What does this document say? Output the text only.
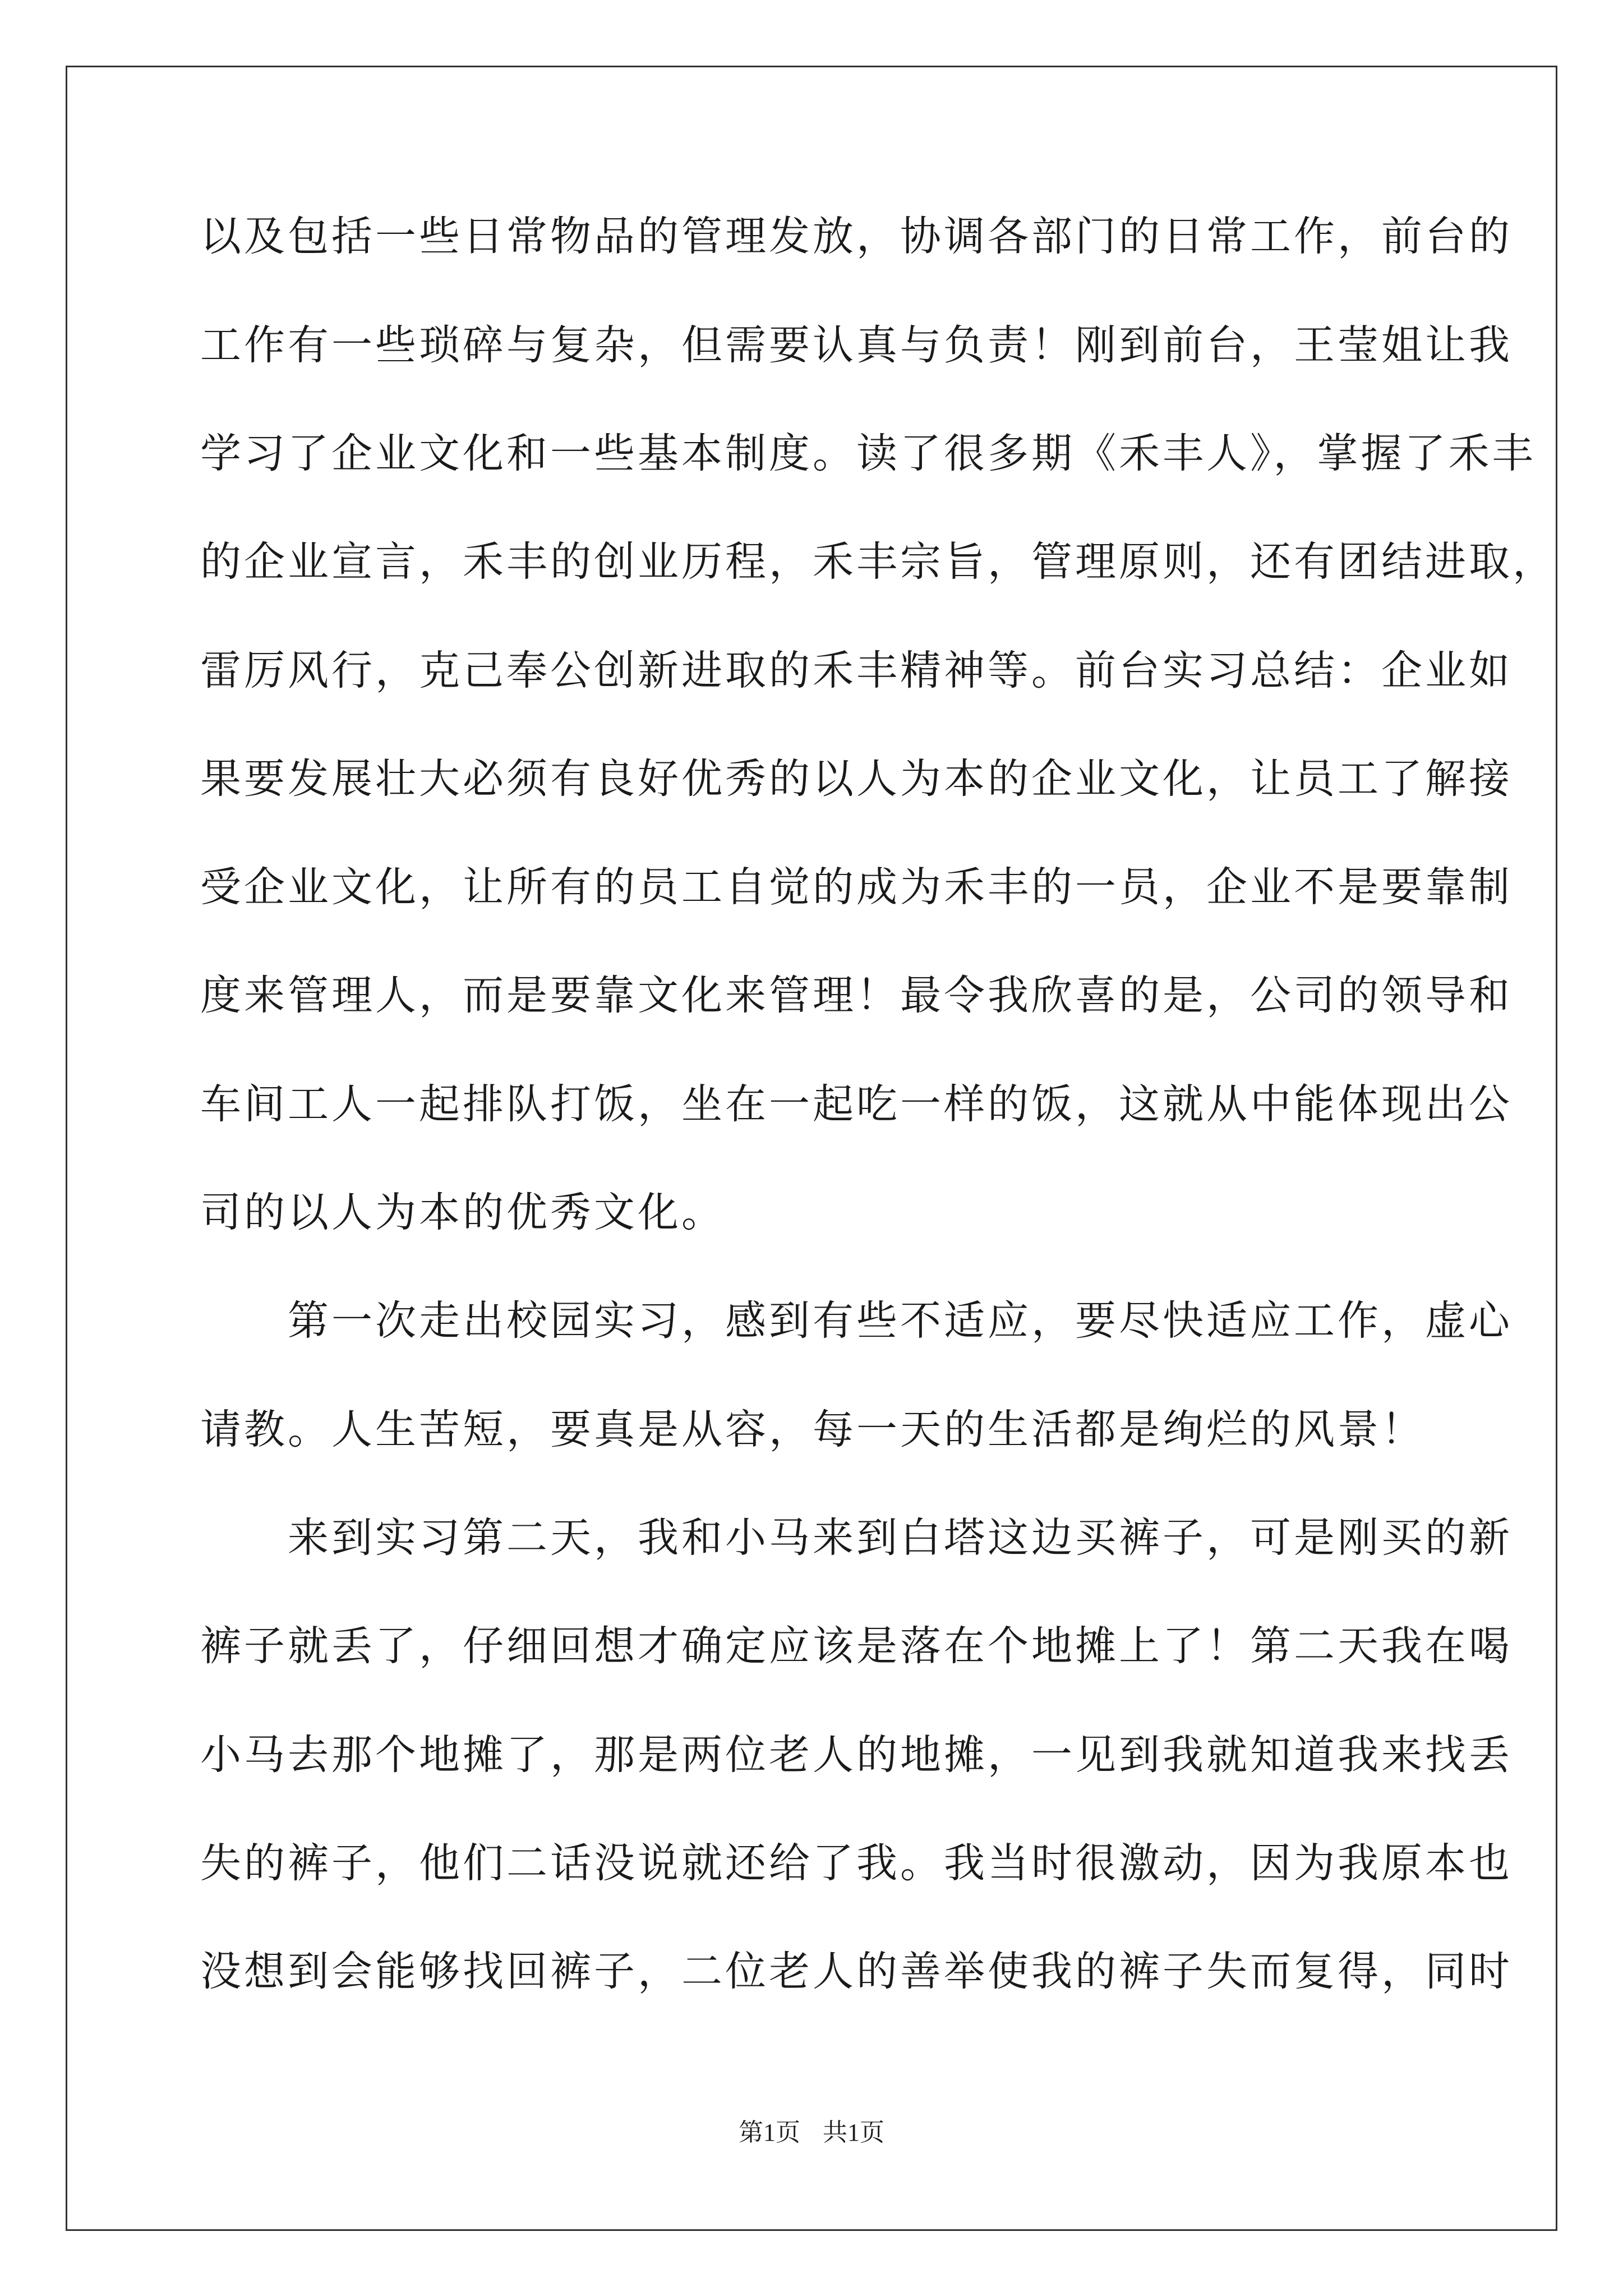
以及包括一些日常物品的管理发放，协调各部门的日常工作，前台的
工作有一些琐碎与复杂，但需要认真与负责！刚到前台，王莹姐让我
学习了企业文化和一些基本制度。读了很多期《禾丰人》，掌握了禾丰
的企业宣言，禾丰的创业历程，禾丰宗旨，管理原则，还有团结进取，
雷厉风行，克己奉公创新进取的禾丰精神等。前台实习总结：企业如
果要发展壮大必须有良好优秀的以人为本的企业文化，让员工了解接
受企业文化，让所有的员工自觉的成为禾丰的一员，企业不是要靠制
度来管理人，而是要靠文化来管理！最令我欣喜的是，公司的领导和
车间工人一起排队打饭，坐在一起吃一样的饭，这就从中能体现出公
司的以人为本的优秀文化。
　　第一次走出校园实习，感到有些不适应，要尽快适应工作，虚心
请教。人生苦短，要真是从容，每一天的生活都是绚烂的风景！
　　来到实习第二天，我和小马来到白塔这边买裤子，可是刚买的新
裤子就丢了，仔细回想才确定应该是落在个地摊上了！第二天我在喝
小马去那个地摊了，那是两位老人的地摊，一见到我就知道我来找丢
失的裤子，他们二话没说就还给了我。我当时很激动，因为我原本也
没想到会能够找回裤子，二位老人的善举使我的裤子失而复得，同时
第1页 共1页
